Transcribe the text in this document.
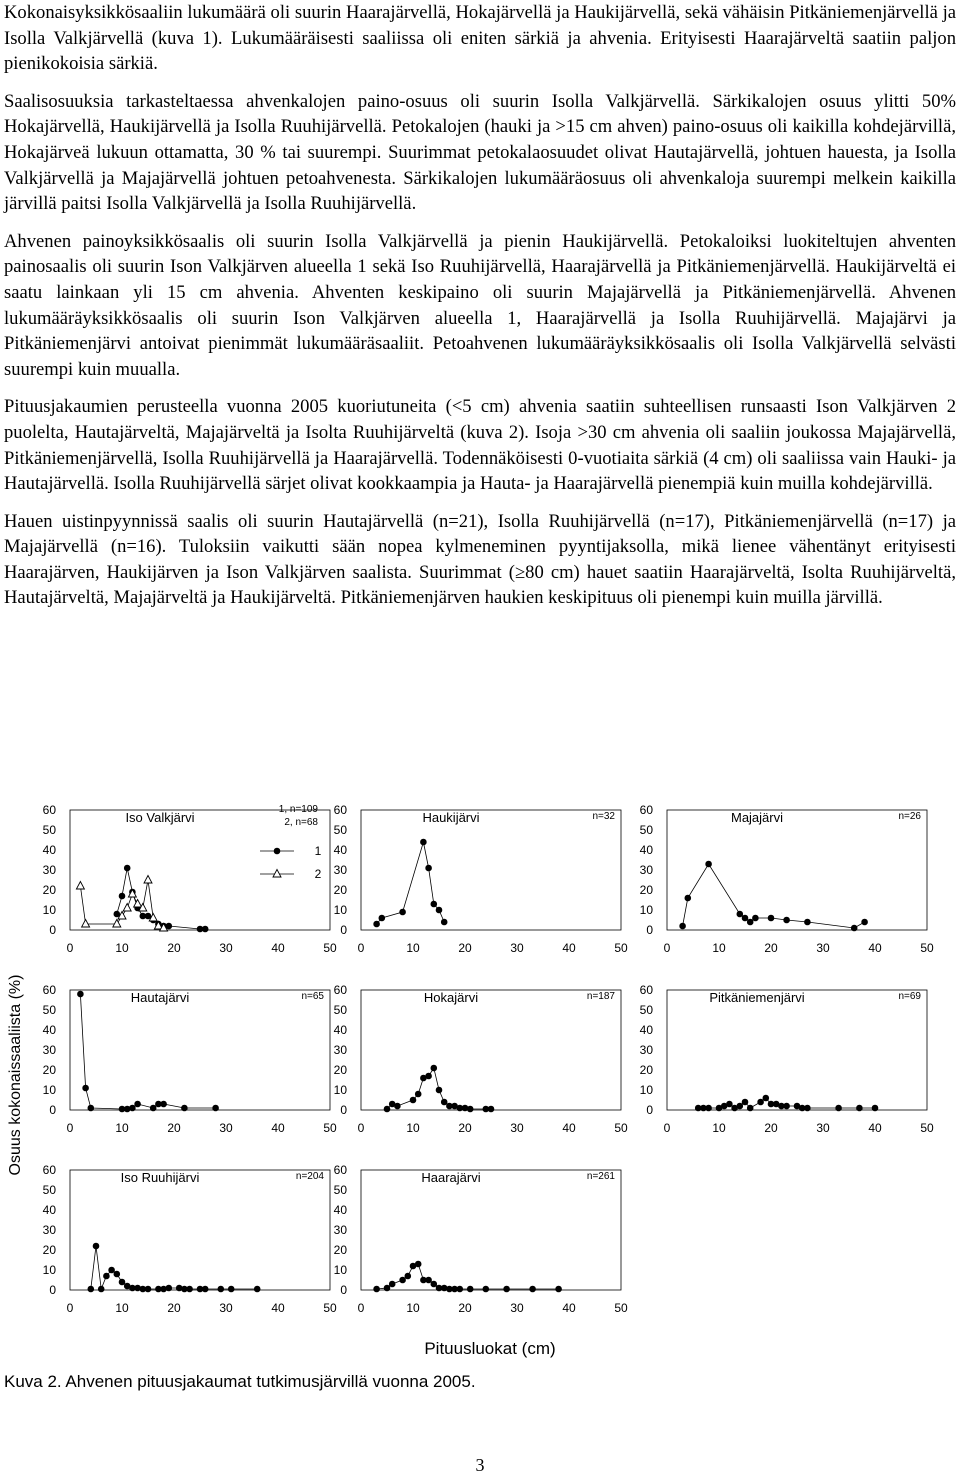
Kokonaisyksikkösaaliin lukumäärä oli suurin Haarajärvellä, Hokajärvellä ja Haukijärvellä, sekä vähäisin Pitkäniemenjärvellä ja Isolla Valkjärvellä (kuva 1). Lukumääräisesti saaliissa oli eniten särkiä ja ahvenia. Erityisesti Haarajärveltä saatiin paljon pienikokoisia särkiä.

Saalisosuuksia tarkasteltaessa ahvenkalojen paino-osuus oli suurin Isolla Valkjärvellä. Särkikalojen osuus ylitti 50% Hokajärvellä, Haukijärvellä ja Isolla Ruuhijärvellä. Petokalojen (hauki ja >15 cm ahven) paino-osuus oli kaikilla kohdejärvillä, Hokajärveä lukuun ottamatta, 30 % tai suurempi. Suurimmat petokalaosuudet olivat Hautajärvellä, johtuen hauesta, ja Isolla Valkjärvellä ja Majajärvellä johtuen petoahvenesta. Särkikalojen lukumääräosuus oli ahvenkaloja suurempi melkein kaikilla järvillä paitsi Isolla Valkjärvellä ja Isolla Ruuhijärvellä.

Ahvenen painoyksikkösaalis oli suurin Isolla Valkjärvellä ja pienin Haukijärvellä. Petokaloiksi luokiteltujen ahventen painosaalis oli suurin Ison Valkjärven alueella 1 sekä Iso Ruuhijärvellä, Haarajärvellä ja Pitkäniemenjärvellä. Haukijärveltä ei saatu lainkaan yli 15 cm ahvenia. Ahventen keskipaino oli suurin Majajärvellä ja Pitkäniemenjärvellä. Ahvenen lukumääräyksikkösaalis oli suurin Ison Valkjärven alueella 1, Haarajärvellä ja Isolla Ruuhijärvellä. Majajärvi ja Pitkäniemenjärvi antoivat pienimmät lukumääräsaaliit. Petoahvenen lukumääräyksikkösaalis oli Isolla Valkjärvellä selvästi suurempi kuin muualla.

Pituusjakaumien perusteella vuonna 2005 kuoriutuneita (<5 cm) ahvenia saatiin suhteellisen runsaasti Ison Valkjärven 2 puolelta, Hautajärveltä, Majajärveltä ja Isolta Ruuhijärveltä (kuva 2). Isoja >30 cm ahvenia oli saaliin joukossa Majajärvellä, Pitkäniemenjärvellä, Isolla Ruuhijärvellä ja Haarajärvellä. Todennäköisesti 0-vuotiaita särkiä (4 cm) oli saaliissa vain Hauki- ja Hautajärvellä. Isolla Ruuhijärvellä särjet olivat kookkaampia ja Hauta- ja Haarajärvellä pienempiä kuin muilla kohdejärvillä.

Hauen uistinpyynnissä saalis oli suurin Hautajärvellä (n=21), Isolla Ruuhijärvellä (n=17), Pitkäniemenjärvellä (n=17) ja Majajärvellä (n=16). Tuloksiin vaikutti sään nopea kylmeneminen pyyntijaksolla, mikä lienee vähentänyt erityisesti Haarajärven, Haukijärven ja Ison Valkjärven saalista. Suurimmat (≥80 cm) hauet saatiin Haarajärveltä, Isolta Ruuhijärveltä, Hautajärveltä, Majajärveltä ja Haukijärveltä. Pitkäniemenjärven haukien keskipituus oli pienempi kuin muilla järvillä.

Osuus kokonaissaaliista (%)
Pituusluokat (cm)
0
10
20
30
40
50
60
0	10	20	30	40	50
Iso Valkjärvi
1, n=109
2, n=68
1
2
0
10
20
30
40
50
60
0	10	20	30	40	50
Haukijärvi	n=32
0
10
20
30
40
50
60
0	10	20	30	40	50
Majajärvi	n=26
0
10
20
30
40
50
60
0	10	20	30	40	50
Hautajärvi	n=65
0
10
20
30
40
50
60
0	10	20	30	40	50
Hokajärvi	n=187
0
10
20
30
40
50
60
0	10	20	30	40	50
Pitkäniemenjärvi	n=69
0
10
20
30
40
50
60
0	10	20	30	40	50
Iso Ruuhijärvi	n=204
0
10
20
30
40
50
60
0	10	20	30	40	50
Haarajärvi	n=261
Kuva 2. Ahvenen pituusjakaumat tutkimusjärvillä vuonna 2005.
3
